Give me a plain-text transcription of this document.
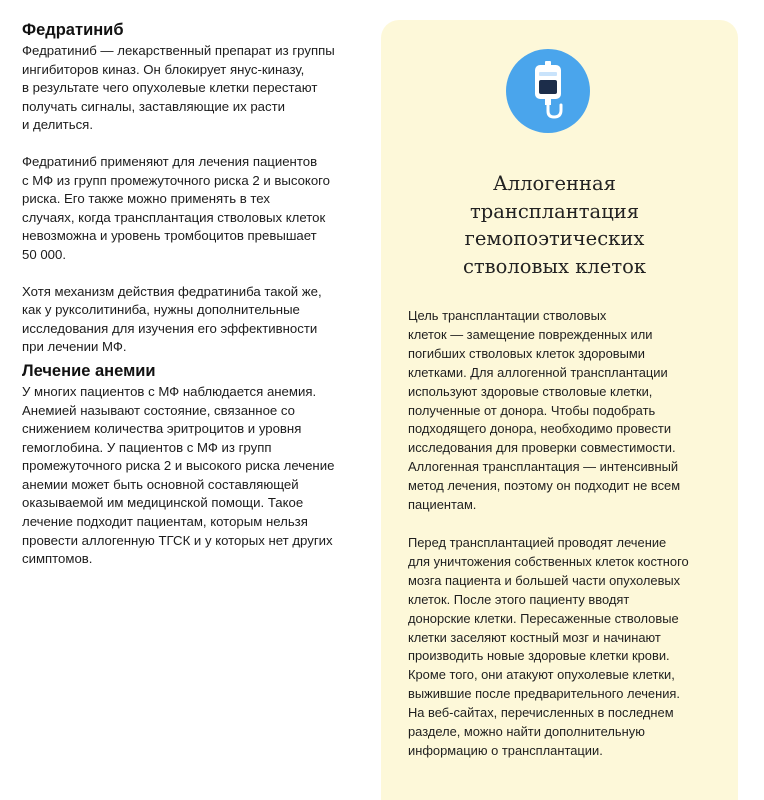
Федратиниб

Федратиниб — лекарственный препарат из группы
ингибиторов киназ. Он блокирует янус-киназу,
в результате чего опухолевые клетки перестают
получать сигналы, заставляющие их расти
и делиться.

Федратиниб применяют для лечения пациентов
с МФ из групп промежуточного риска 2 и высокого
риска. Его также можно применять в тех
случаях, когда трансплантация стволовых клеток
невозможна и уровень тромбоцитов превышает
50 000.

Хотя механизм действия федратиниба такой же,
как у руксолитиниба, нужны дополнительные
исследования для изучения его эффективности
при лечении МФ.

Лечение анемии

У многих пациентов с МФ наблюдается анемия.
Анемией называют состояние, связанное со
снижением количества эритроцитов и уровня
гемоглобина. У пациентов с МФ из групп
промежуточного риска 2 и высокого риска лечение
анемии может быть основной составляющей
оказываемой им медицинской помощи. Такое
лечение подходит пациентам, которым нельзя
провести аллогенную ТГСК и у которых нет других
симптомов.

Аллогенная
трансплантация
гемопоэтических
стволовых клеток

Цель трансплантации стволовых
клеток — замещение поврежденных или
погибших стволовых клеток здоровыми
клетками. Для аллогенной трансплантации
используют здоровые стволовые клетки,
полученные от донора. Чтобы подобрать
подходящего донора, необходимо провести
исследования для проверки совместимости.
Аллогенная трансплантация — интенсивный
метод лечения, поэтому он подходит не всем
пациентам.

Перед трансплантацией проводят лечение
для уничтожения собственных клеток костного
мозга пациента и большей части опухолевых
клеток. После этого пациенту вводят
донорские клетки. Пересаженные стволовые
клетки заселяют костный мозг и начинают
производить новые здоровые клетки крови.
Кроме того, они атакуют опухолевые клетки,
выжившие после предварительного лечения.
На веб-сайтах, перечисленных в последнем
разделе, можно найти дополнительную
информацию о трансплантации.
